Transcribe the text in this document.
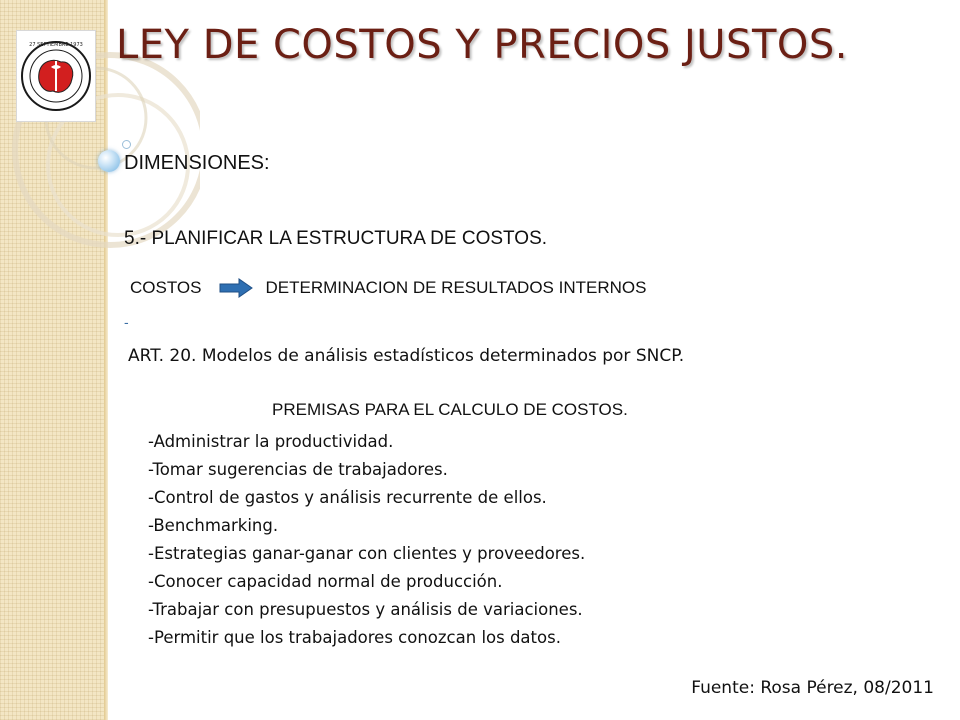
27 SEPTIEMBRE 1973 LEY DE COSTOS Y PRECIOS JUSTOS.

DIMENSIONES:

5.- PLANIFICAR LA ESTRUCTURA DE COSTOS.

COSTOS	DETERMINACION DE RESULTADOS INTERNOS

-

ART. 20. Modelos de análisis estadísticos determinados por SNCP.

PREMISAS PARA EL CALCULO DE COSTOS.

-Administrar la productividad.
-Tomar sugerencias de trabajadores.
-Control de gastos y análisis recurrente de ellos.
-Benchmarking.
-Estrategias ganar-ganar con clientes y proveedores.
-Conocer capacidad normal de producción.
-Trabajar con presupuestos y análisis de variaciones.
-Permitir que los trabajadores conozcan los datos.

Fuente: Rosa Pérez, 08/2011
